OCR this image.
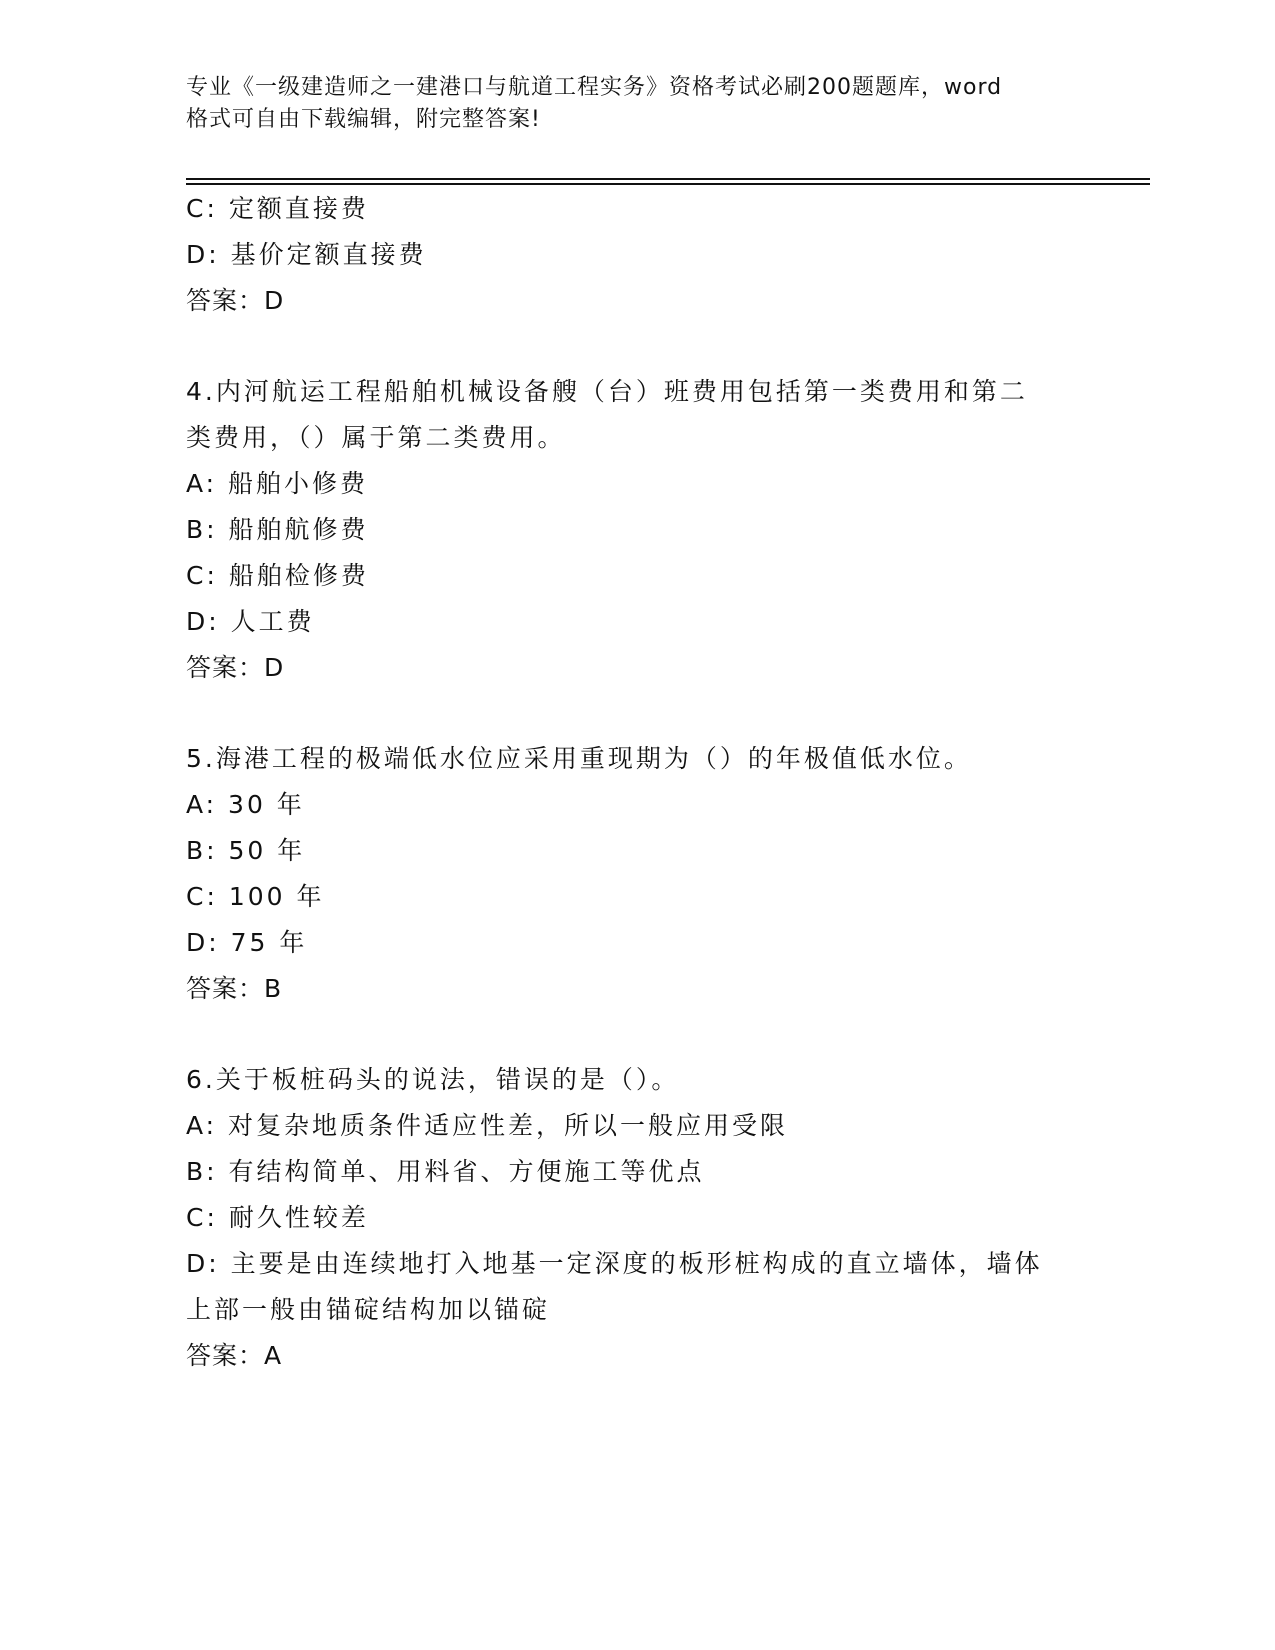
专业《一级建造师之一建港口与航道工程实务》资格考试必刷200题题库，word
格式可自由下载编辑，附完整答案!
C: 定额直接费
D: 基价定额直接费
答案：D
4.内河航运工程船舶机械设备艘（台）班费用包括第一类费用和第二
类费用，（）属于第二类费用。
A: 船舶小修费
B: 船舶航修费
C: 船舶检修费
D: 人工费
答案：D
5.海港工程的极端低水位应采用重现期为（）的年极值低水位。
A: 30 年
B: 50 年
C: 100 年
D: 75 年
答案：B
6.关于板桩码头的说法，错误的是（）。
A: 对复杂地质条件适应性差，所以一般应用受限
B: 有结构简单、用料省、方便施工等优点
C: 耐久性较差
D: 主要是由连续地打入地基一定深度的板形桩构成的直立墙体，墙体
上部一般由锚碇结构加以锚碇
答案：A
